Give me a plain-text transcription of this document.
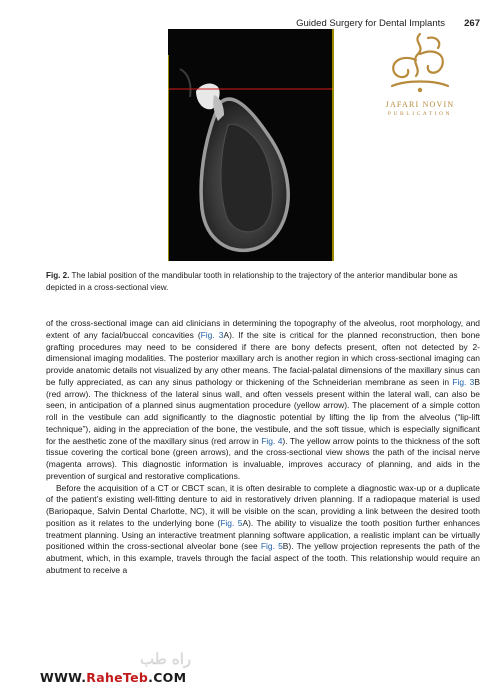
Guided Surgery for Dental Implants	267
JAFARI NOVIN
PUBLICATION
Fig. 2. The labial position of the mandibular tooth in relationship to the trajectory of the anterior mandibular bone as depicted in a cross-sectional view.

of the cross-sectional image can aid clinicians in determining the topography of the alveolus, root morphology, and extent of any facial/buccal concavities (Fig. 3A). If the site is critical for the planned reconstruction, then bone grafting procedures may need to be considered if there are bony defects present, often not detected by 2-dimensional imaging modalities. The posterior maxillary arch is another region in which cross-sectional imaging can provide anatomic details not visualized by any other means. The facial-palatal dimensions of the maxillary sinus can be fully appreciated, as can any sinus pathology or thickening of the Schneiderian membrane as seen in Fig. 3B (red arrow). The thickness of the lateral sinus wall, and often vessels present within the lateral wall, can also be seen, in anticipation of a planned sinus augmentation procedure (yellow arrow). The placement of a simple cotton roll in the vestibule can add significantly to the diagnostic potential by lifting the lip from the alveolus (“lip-lift technique”), aiding in the appreciation of the bone, the vestibule, and the soft tissue, which is especially significant for the aesthetic zone of the maxillary sinus (red arrow in Fig. 4). The yellow arrow points to the thickness of the soft tissue covering the cortical bone (green arrows), and the cross-sectional view shows the path of the incisal nerve (magenta arrows). This diagnostic information is invaluable, improves accuracy of planning, and aids in the prevention of surgical and restorative complications.

Before the acquisition of a CT or CBCT scan, it is often desirable to complete a diagnostic wax-up or a duplicate of the patient’s existing well-fitting denture to aid in restoratively driven planning. If a radiopaque material is used (Bariopaque, Salvin Dental Charlotte, NC), it will be visible on the scan, providing a link between the desired tooth position as it relates to the underlying bone (Fig. 5A). The ability to visualize the tooth position further enhances treatment planning. Using an interactive treatment planning software application, a realistic implant can be virtually positioned within the cross-sectional alveolar bone (see Fig. 5B). The yellow projection represents the path of the abutment, which, in this example, travels through the facial aspect of the tooth. This relationship would require an abutment to receive a

راه طب
WWW.RaheTeb.COM
